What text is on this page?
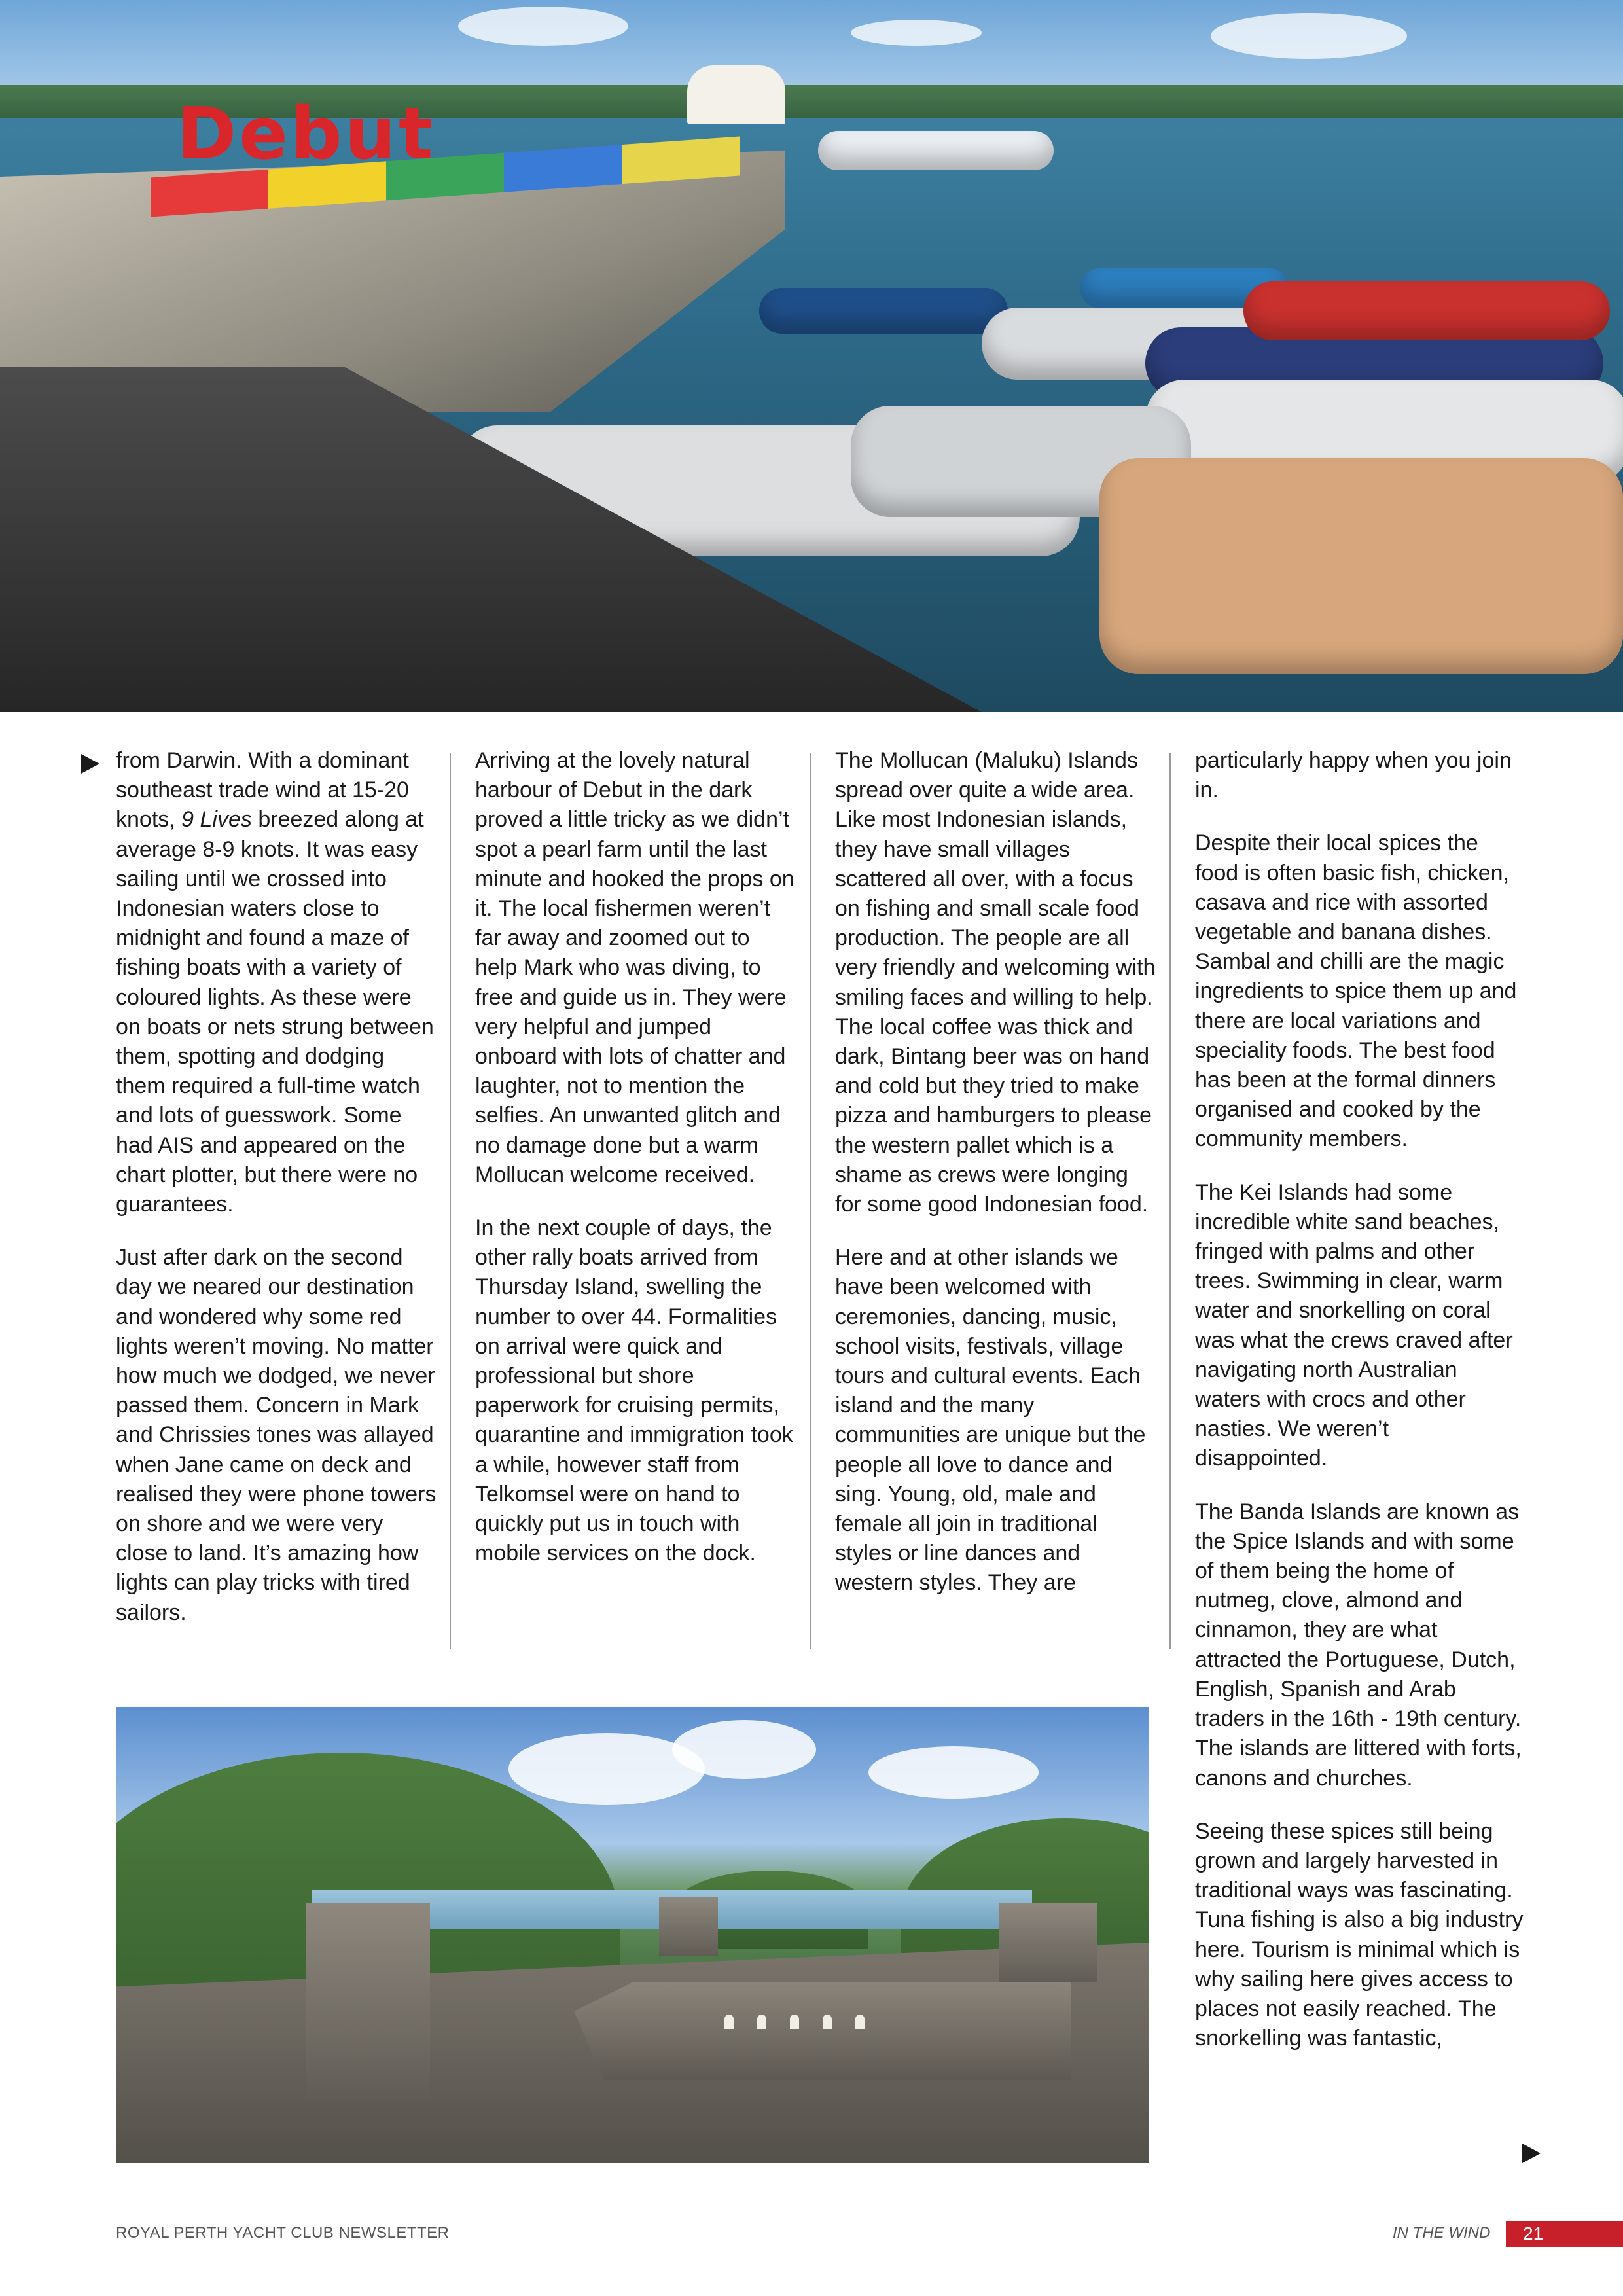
Debut

from Darwin. With a dominant southeast trade wind at 15-20 knots, 9 Lives breezed along at average 8-9 knots. It was easy sailing until we crossed into Indonesian waters close to midnight and found a maze of fishing boats with a variety of coloured lights. As these were on boats or nets strung between them, spotting and dodging them required a full-time watch and lots of guesswork. Some had AIS and appeared on the chart plotter, but there were no guarantees.

Just after dark on the second day we neared our destination and wondered why some red lights weren’t moving. No matter how much we dodged, we never passed them. Concern in Mark and Chrissies tones was allayed when Jane came on deck and realised they were phone towers on shore and we were very close to land. It’s amazing how lights can play tricks with tired sailors.

Arriving at the lovely natural harbour of Debut in the dark proved a little tricky as we didn’t spot a pearl farm until the last minute and hooked the props on it. The local fishermen weren’t far away and zoomed out to help Mark who was diving, to free and guide us in. They were very helpful and jumped onboard with lots of chatter and laughter, not to mention the selfies. An unwanted glitch and no damage done but a warm Mollucan welcome received.

In the next couple of days, the other rally boats arrived from Thursday Island, swelling the number to over 44. Formalities on arrival were quick and professional but shore paperwork for cruising permits, quarantine and immigration took a while, however staff from Telkomsel were on hand to quickly put us in touch with mobile services on the dock.

The Mollucan (Maluku) Islands spread over quite a wide area. Like most Indonesian islands, they have small villages scattered all over, with a focus on fishing and small scale food production. The people are all very friendly and welcoming with smiling faces and willing to help. The local coffee was thick and dark, Bintang beer was on hand and cold but they tried to make pizza and hamburgers to please the western pallet which is a shame as crews were longing for some good Indonesian food.

Here and at other islands we have been welcomed with ceremonies, dancing, music, school visits, festivals, village tours and cultural events. Each island and the many communities are unique but the people all love to dance and sing. Young, old, male and female all join in traditional styles or line dances and western styles. They are

particularly happy when you join in.

Despite their local spices the food is often basic fish, chicken, casava and rice with assorted vegetable and banana dishes. Sambal and chilli are the magic ingredients to spice them up and there are local variations and speciality foods. The best food has been at the formal dinners organised and cooked by the community members.

The Kei Islands had some incredible white sand beaches, fringed with palms and other trees. Swimming in clear, warm water and snorkelling on coral was what the crews craved after navigating north Australian waters with crocs and other nasties. We weren’t disappointed.

The Banda Islands are known as the Spice Islands and with some of them being the home of nutmeg, clove, almond and cinnamon, they are what attracted the Portuguese, Dutch, English, Spanish and Arab traders in the 16th - 19th century. The islands are littered with forts, canons and churches.

Seeing these spices still being grown and largely harvested in traditional ways was fascinating. Tuna fishing is also a big industry here. Tourism is minimal which is why sailing here gives access to places not easily reached. The snorkelling was fantastic,

ROYAL PERTH YACHT CLUB NEWSLETTER	IN THE WIND	21
